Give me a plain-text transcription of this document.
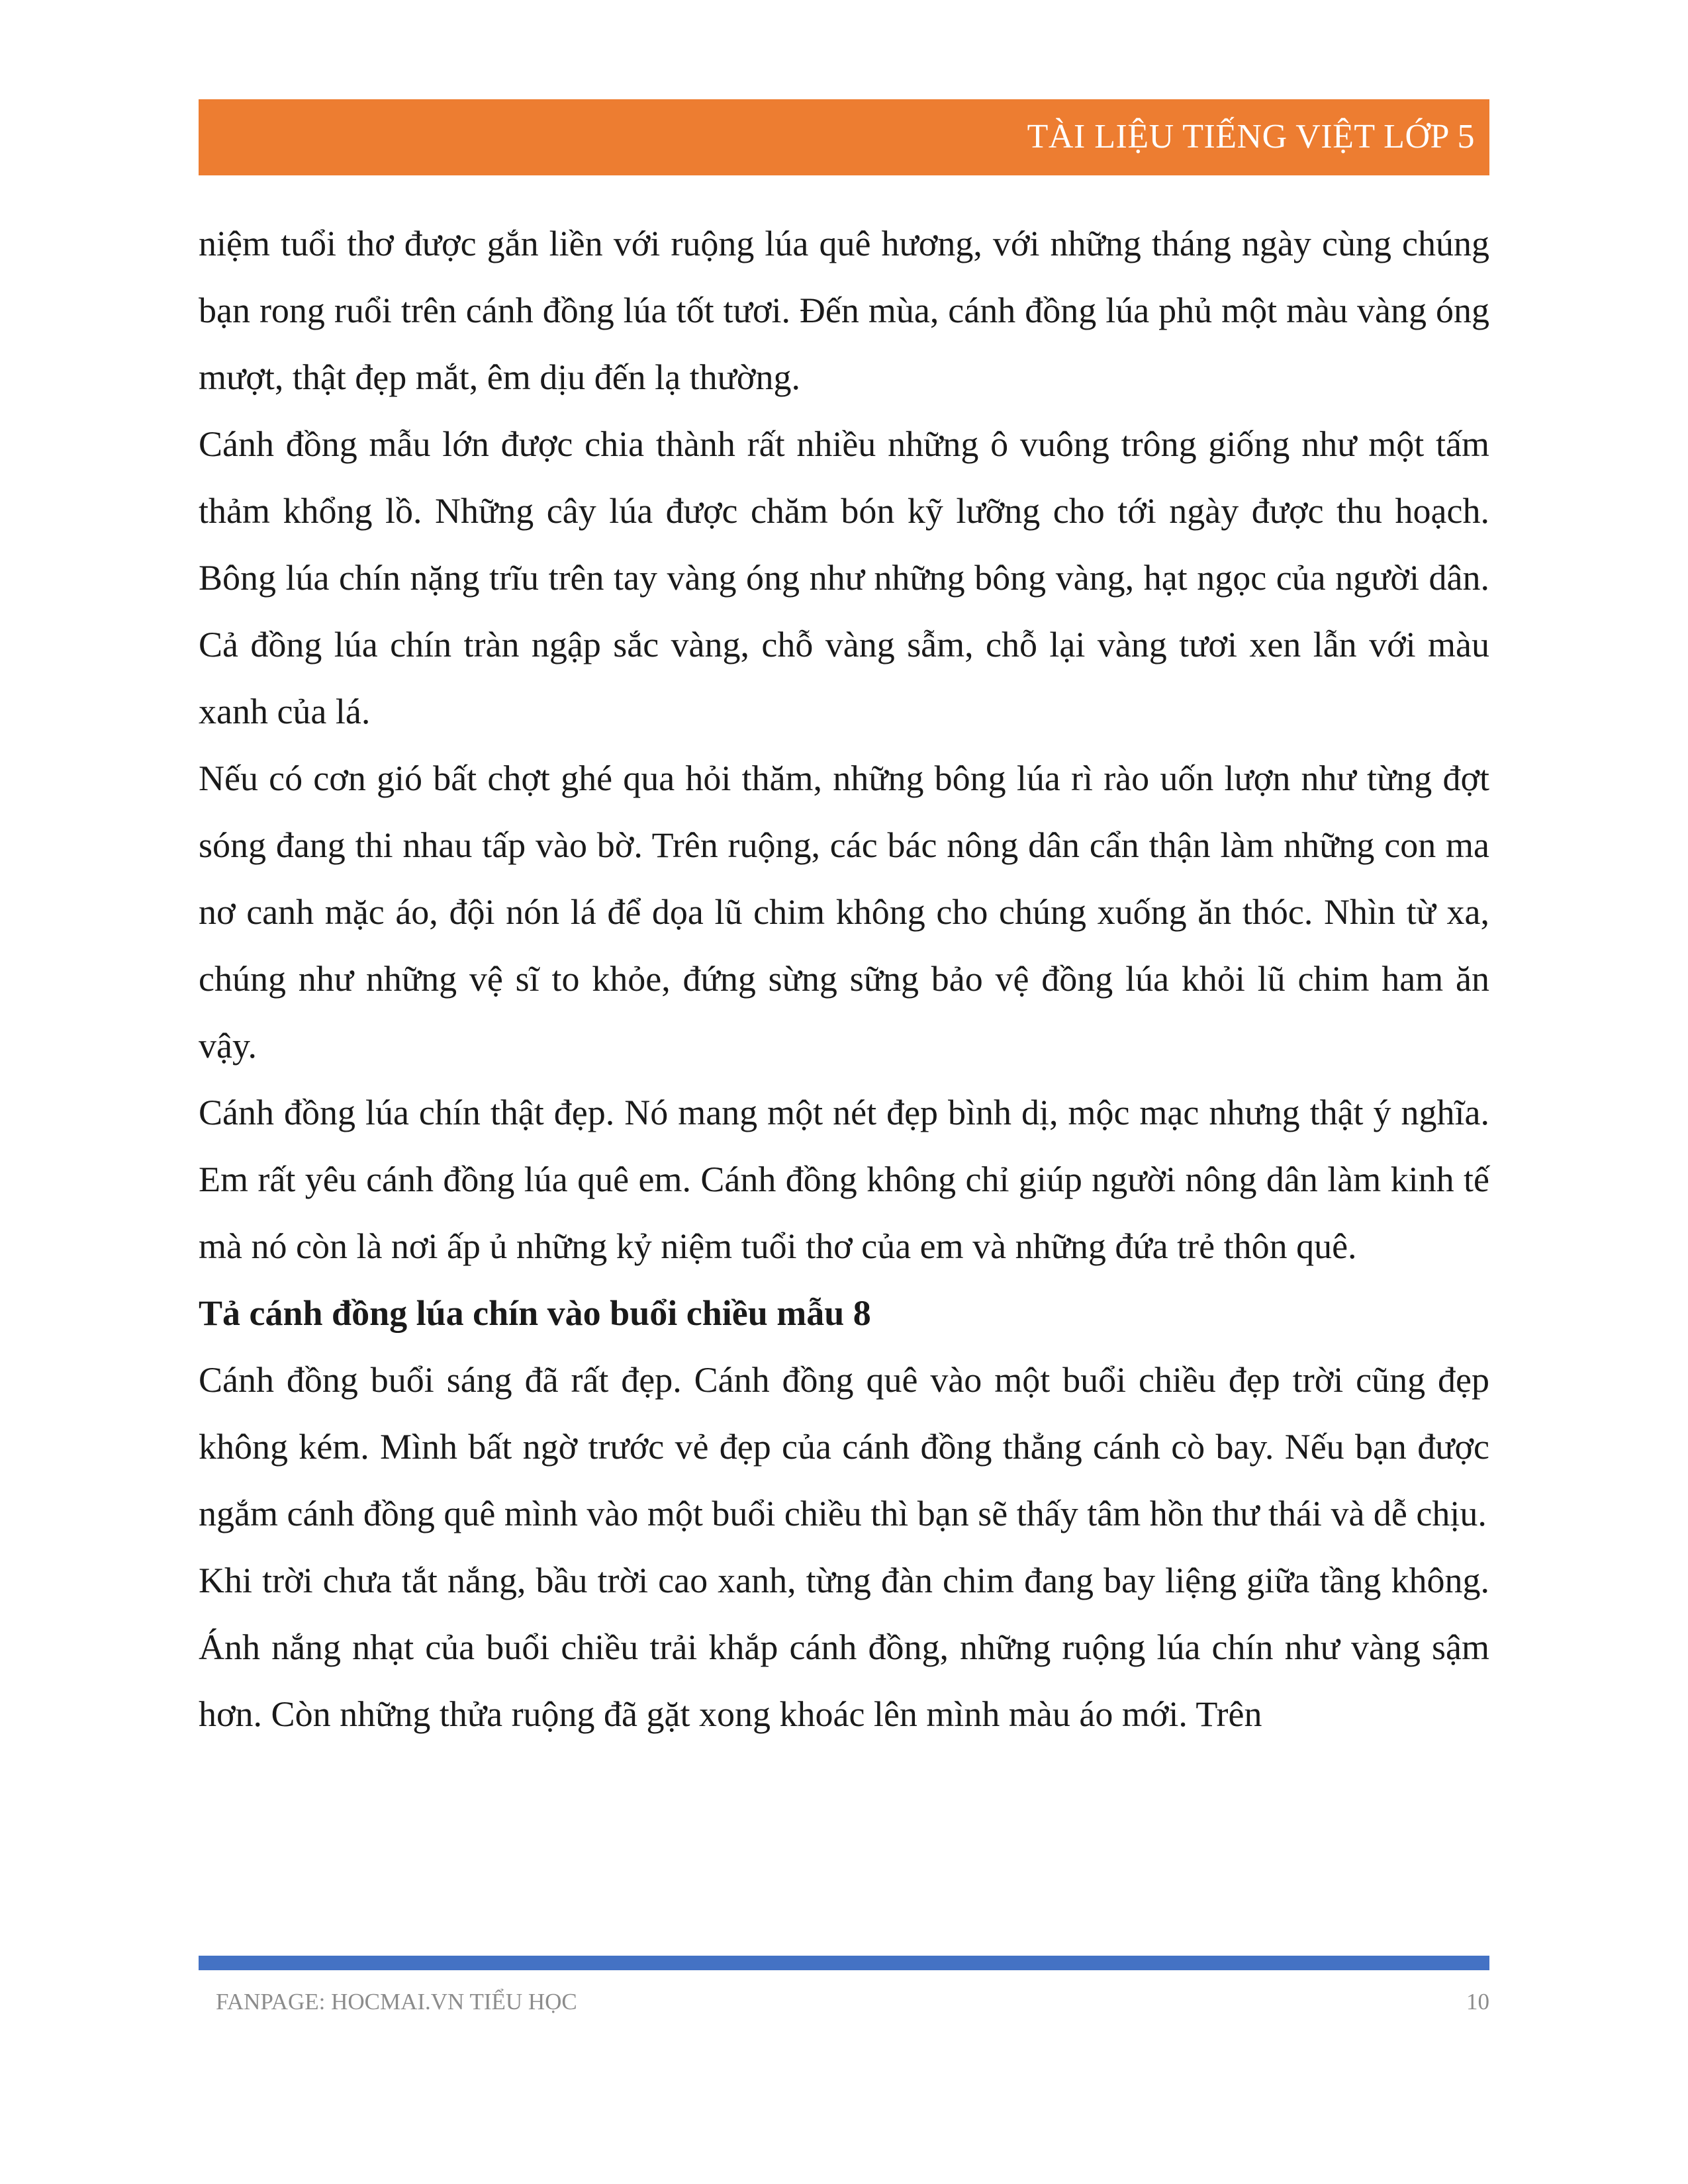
TÀI LIỆU TIẾNG VIỆT LỚP 5

niệm tuổi thơ được gắn liền với ruộng lúa quê hương, với những tháng ngày cùng chúng bạn rong ruổi trên cánh đồng lúa tốt tươi. Đến mùa, cánh đồng lúa phủ một màu vàng óng mượt, thật đẹp mắt, êm dịu đến lạ thường.

Cánh đồng mẫu lớn được chia thành rất nhiều những ô vuông trông giống như một tấm thảm khổng lồ. Những cây lúa được chăm bón kỹ lưỡng cho tới ngày được thu hoạch. Bông lúa chín nặng trĩu trên tay vàng óng như những bông vàng, hạt ngọc của người dân. Cả đồng lúa chín tràn ngập sắc vàng, chỗ vàng sẫm, chỗ lại vàng tươi xen lẫn với màu xanh của lá.

Nếu có cơn gió bất chợt ghé qua hỏi thăm, những bông lúa rì rào uốn lượn như từng đợt sóng đang thi nhau tấp vào bờ. Trên ruộng, các bác nông dân cẩn thận làm những con ma nơ canh mặc áo, đội nón lá để dọa lũ chim không cho chúng xuống ăn thóc. Nhìn từ xa, chúng như những vệ sĩ to khỏe, đứng sừng sững bảo vệ đồng lúa khỏi lũ chim ham ăn vậy.

Cánh đồng lúa chín thật đẹp. Nó mang một nét đẹp bình dị, mộc mạc nhưng thật ý nghĩa. Em rất yêu cánh đồng lúa quê em. Cánh đồng không chỉ giúp người nông dân làm kinh tế mà nó còn là nơi ấp ủ những kỷ niệm tuổi thơ của em và những đứa trẻ thôn quê.

Tả cánh đồng lúa chín vào buổi chiều mẫu 8

Cánh đồng buổi sáng đã rất đẹp. Cánh đồng quê vào một buổi chiều đẹp trời cũng đẹp không kém. Mình bất ngờ trước vẻ đẹp của cánh đồng thẳng cánh cò bay. Nếu bạn được ngắm cánh đồng quê mình vào một buổi chiều thì bạn sẽ thấy tâm hồn thư thái và dễ chịu.

Khi trời chưa tắt nắng, bầu trời cao xanh, từng đàn chim đang bay liệng giữa tầng không. Ánh nắng nhạt của buổi chiều trải khắp cánh đồng, những ruộng lúa chín như vàng sậm hơn. Còn những thửa ruộng đã gặt xong khoác lên mình màu áo mới. Trên

FANPAGE: HOCMAI.VN TIỂU HỌC	10
